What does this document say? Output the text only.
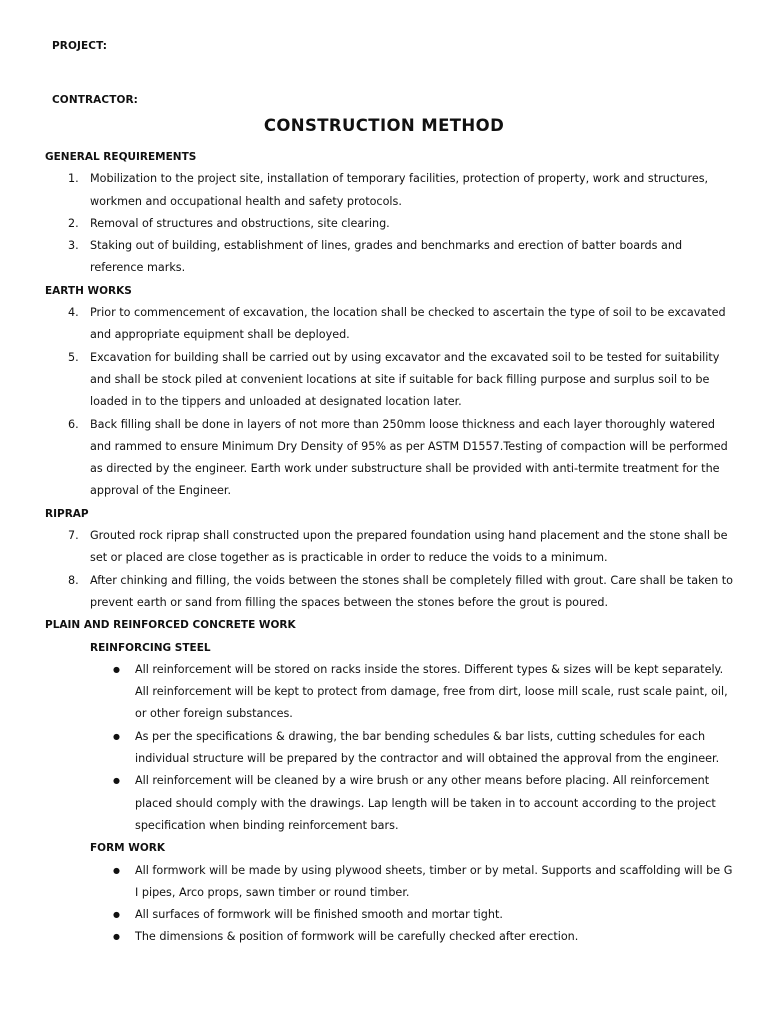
PROJECT:
CONTRACTOR:
CONSTRUCTION METHOD
GENERAL REQUIREMENTS
1. Mobilization to the project site, installation of temporary facilities, protection of property, work and structures, workmen and occupational health and safety protocols.
2. Removal of structures and obstructions, site clearing.
3. Staking out of building, establishment of lines, grades and benchmarks and erection of batter boards and reference marks.
EARTH WORKS
4. Prior to commencement of excavation, the location shall be checked to ascertain the type of soil to be excavated and appropriate equipment shall be deployed.
5. Excavation for building shall be carried out by using excavator and the excavated soil to be tested for suitability and shall be stock piled at convenient locations at site if suitable for back filling purpose and surplus soil to be loaded in to the tippers and unloaded at designated location later.
6. Back filling shall be done in layers of not more than 250mm loose thickness and each layer thoroughly watered and rammed to ensure Minimum Dry Density of 95% as per ASTM D1557.Testing of compaction will be performed as directed by the engineer. Earth work under substructure shall be provided with anti-termite treatment for the approval of the Engineer.
RIPRAP
7. Grouted rock riprap shall constructed upon the prepared foundation using hand placement and the stone shall be set or placed are close together as is practicable in order to reduce the voids to a minimum.
8. After chinking and filling, the voids between the stones shall be completely filled with grout. Care shall be taken to prevent earth or sand from filling the spaces between the stones before the grout is poured.
PLAIN AND REINFORCED CONCRETE WORK
REINFORCING STEEL
● All reinforcement will be stored on racks inside the stores. Different types & sizes will be kept separately. All reinforcement will be kept to protect from damage, free from dirt, loose mill scale, rust scale paint, oil, or other foreign substances.
● As per the specifications & drawing, the bar bending schedules & bar lists, cutting schedules for each individual structure will be prepared by the contractor and will obtained the approval from the engineer.
● All reinforcement will be cleaned by a wire brush or any other means before placing. All reinforcement placed should comply with the drawings. Lap length will be taken in to account according to the project specification when binding reinforcement bars.
FORM WORK
● All formwork will be made by using plywood sheets, timber or by metal. Supports and scaffolding will be G I pipes, Arco props, sawn timber or round timber.
● All surfaces of formwork will be finished smooth and mortar tight.
● The dimensions & position of formwork will be carefully checked after erection.
